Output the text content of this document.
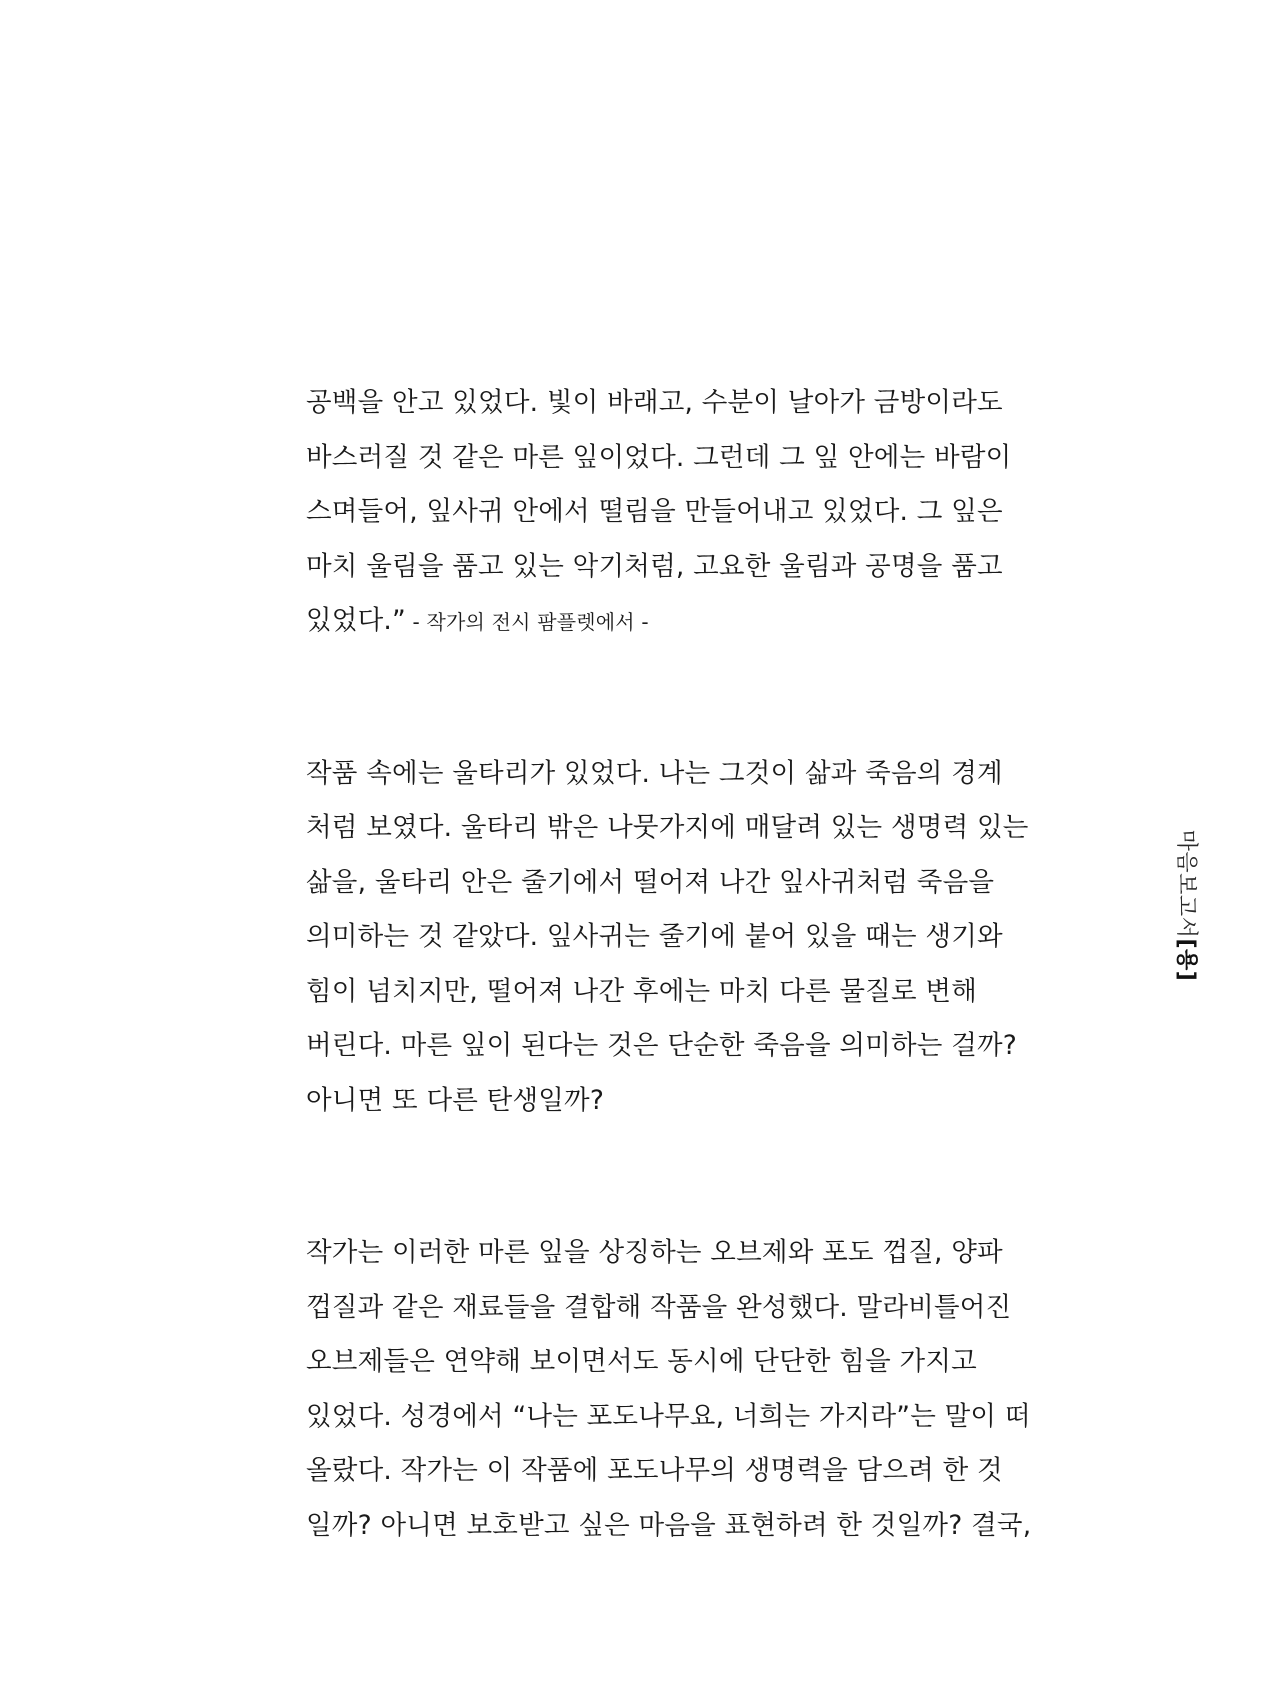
공백을 안고 있었다. 빛이 바래고, 수분이 날아가 금방이라도
바스러질 것 같은 마른 잎이었다. 그런데 그 잎 안에는 바람이
스며들어, 잎사귀 안에서 떨림을 만들어내고 있었다. 그 잎은
마치 울림을 품고 있는 악기처럼, 고요한 울림과 공명을 품고
있었다.” - 작가의 전시 팜플렛에서 -
작품 속에는 울타리가 있었다. 나는 그것이 삶과 죽음의 경계
처럼 보였다. 울타리 밖은 나뭇가지에 매달려 있는 생명력 있는
삶을, 울타리 안은 줄기에서 떨어져 나간 잎사귀처럼 죽음을
의미하는 것 같았다. 잎사귀는 줄기에 붙어 있을 때는 생기와
힘이 넘치지만, 떨어져 나간 후에는 마치 다른 물질로 변해
버린다. 마른 잎이 된다는 것은 단순한 죽음을 의미하는 걸까?
아니면 또 다른 탄생일까?
작가는 이러한 마른 잎을 상징하는 오브제와 포도 껍질, 양파
껍질과 같은 재료들을 결합해 작품을 완성했다. 말라비틀어진
오브제들은 연약해 보이면서도 동시에 단단한 힘을 가지고
있었다. 성경에서 “나는 포도나무요, 너희는 가지라”는 말이 떠
올랐다. 작가는 이 작품에 포도나무의 생명력을 담으려 한 것
일까? 아니면 보호받고 싶은 마음을 표현하려 한 것일까? 결국,
마음보고서[용]
